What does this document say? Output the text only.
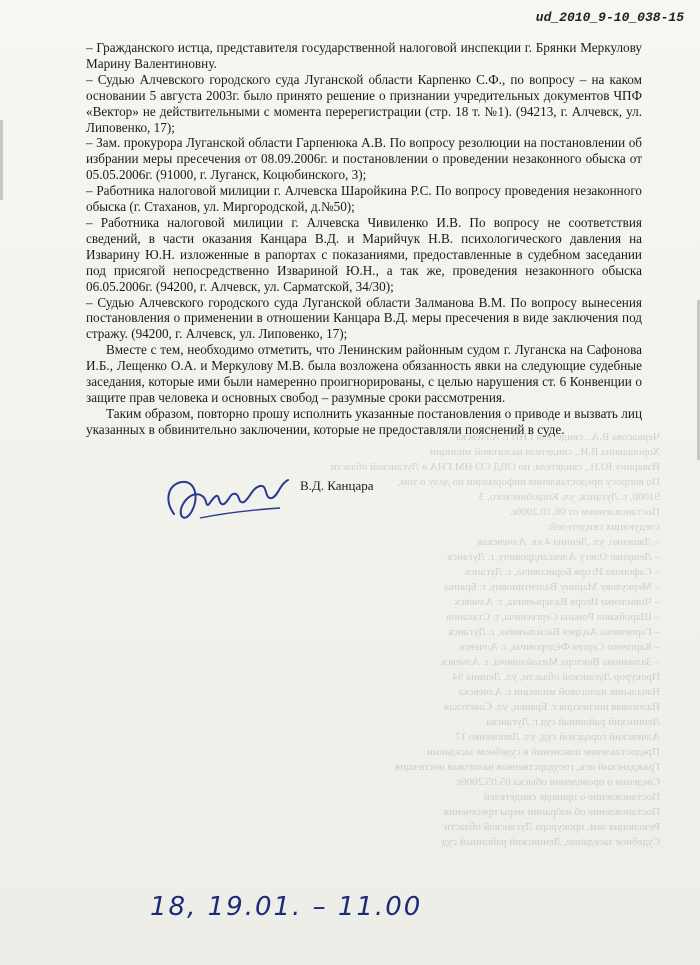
Черкасова В.А., свидетеля ГНИ г. Алчевска
Хорошавина В.И., свидетеля налоговой милиции
Изварину Ю.Н., свидетеля, по ОВД СО НМ ГНА в Луганской области
По вопросу предоставления информации по делу о том,
91000, г. Луганск, ул. Коцюбинского, 3
Постановлением от 06.10.2006г.
следующих свидетелей:
– Ляшенко, ул. Ленина 4 кв. Алчевская
– Лещенко Олегу Александровичу, г. Луганск
– Сафонова Игоря Борисовича, г. Луганск
– Меркулову Марину Валентиновну, г. Брянка
– Чивиленко Игоря Валерьевича, г. Алчевск
– Шаройкина Романа Сергеевича, г. Стаханов
– Гарпенюка Андрея Васильевича, г. Луганск
– Карпенко Сергея Фёдоровича, г. Алчевск
– Залманова Виктора Михайловича, г. Алчевск
Прокурор Луганской области, ул. Ленина 94
Начальник налоговой милиции г. Алчевска
Налоговая инспекция г. Брянки, ул. Советская
Ленинский районный суд г. Луганска
Алчевский городской суд, ул. Липовенко 17
Предоставление пояснений в судебном заседании
Гражданский иск, государственная налоговая инспекция
Сведения о проведении обыска 05.05.2006г.
Постановление о приводе свидетелей
Постановление об избрании меры пресечения
Резолюция зам. прокурора Луганской области
Судебное заседание, Ленинский районный суд
ud_2010_9-10_038-15

– Гражданского истца, представителя государственной налоговой инспекции г. Брянки Меркулову Марину Валентиновну.

– Судью Алчевского городского суда Луганской области Карпенко С.Ф., по вопросу – на каком основании 5 августа 2003г. было принято решение о признании учредительных документов ЧПФ «Вектор» не действительными с момента перерегистрации (стр. 18 т. №1). (94213, г. Алчевск, ул. Липовенко, 17);

– Зам. прокурора Луганской области Гарпенюка А.В. По вопросу резолюции на постановлении об избрании меры пресечения от 08.09.2006г. и постановлении о проведении незаконного обыска от 05.05.2006г. (91000, г. Луганск, Коцюбинского, 3);

– Работника налоговой милиции г. Алчевска Шаройкина Р.С. По вопросу проведения незаконного обыска (г. Стаханов, ул. Миргородской, д.№50);

– Работника налоговой милиции г. Алчевска Чивиленко И.В. По вопросу не соответствия сведений, в части оказания Канцара В.Д. и Марийчук Н.В. психологического давления на Изварину Ю.Н. изложенные в рапортах с показаниями, предоставленные в судебном заседании под присягой непосредственно Извариной Ю.Н., а так же, проведения незаконного обыска 06.05.2006г. (94200, г. Алчевск, ул. Сарматской, 34/30);

– Судью Алчевского городского суда Луганской области Залманова В.М. По вопросу вынесения постановления о применении в отношении Канцара В.Д. меры пресечения в виде заключения под стражу. (94200, г. Алчевск, ул. Липовенко, 17);

Вместе с тем, необходимо отметить, что Ленинским районным судом г. Луганска на Сафонова И.Б., Лещенко О.А. и Меркулову М.В. была возложена обязанность явки на следующие судебные заседания, которые ими были намеренно проигнорированы, с целью нарушения ст. 6 Конвенции о защите прав человека и основных свобод – разумные сроки рассмотрения.

Таким образом, повторно прошу исполнить указанные постановления о приводе и вызвать лиц указанных в обвинительно заключении, которые не предоставляли пояснений в суде.

В.Д. Канцара
18, 19.01. – 11.00
